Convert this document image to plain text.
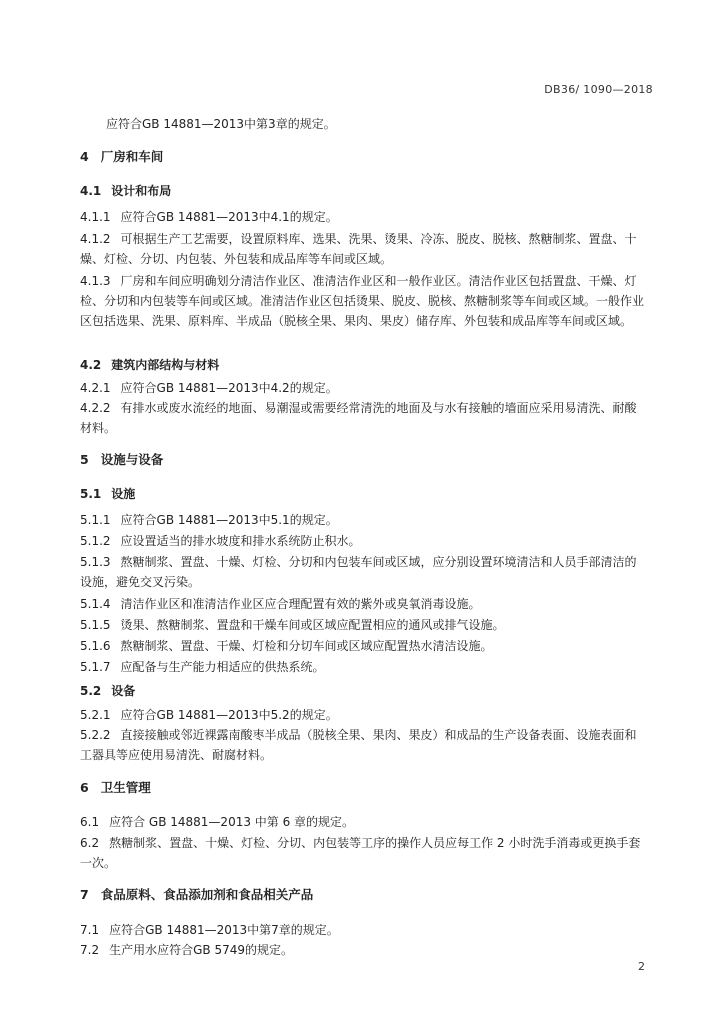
DB36/ 1090—2018
应符合GB 14881—2013中第3章的规定。
4 厂房和车间
4.1 设计和布局
4.1.1 应符合GB 14881—2013中4.1的规定。
4.1.2 可根据生产工艺需要，设置原料库、选果、洗果、烫果、冷冻、脱皮、脱核、熬糖制浆、置盘、十燥、灯检、分切、内包装、外包装和成品库等车间或区域。
4.1.3 厂房和车间应明确划分清洁作业区、准清洁作业区和一般作业区。清洁作业区包括置盘、干燥、灯检、分切和内包装等车间或区域。准清洁作业区包括烫果、脱皮、脱核、熬糖制浆等车间或区域。一般作业区包括选果、洗果、原料库、半成品（脱核全果、果肉、果皮）储存库、外包装和成品库等车间或区域。
4.2 建筑内部结构与材料
4.2.1 应符合GB 14881—2013中4.2的规定。
4.2.2 有排水或废水流经的地面、易潮湿或需要经常清洗的地面及与水有接触的墙面应采用易清洗、耐酸材料。
5 设施与设备
5.1 设施
5.1.1 应符合GB 14881—2013中5.1的规定。
5.1.2 应设置适当的排水坡度和排水系统防止积水。
5.1.3 熬糖制浆、置盘、十燥、灯检、分切和内包装车间或区域，应分别设置环境清洁和人员手部清洁的设施，避免交叉污染。
5.1.4 清洁作业区和准清洁作业区应合理配置有效的紫外或臭氧消毒设施。
5.1.5 烫果、熬糖制浆、置盘和干燥车间或区域应配置相应的通风或排气设施。
5.1.6 熬糖制浆、置盘、干燥、灯检和分切车间或区域应配置热水清洁设施。
5.1.7 应配备与生产能力相适应的供热系统。
5.2 设备
5.2.1 应符合GB 14881—2013中5.2的规定。
5.2.2 直接接触或邻近裸露南酸枣半成品（脱核全果、果肉、果皮）和成品的生产设备表面、设施表面和工器具等应使用易清洗、耐腐材料。
6 卫生管理
6.1 应符合 GB 14881—2013 中第 6 章的规定。
6.2 熬糖制浆、置盘、十燥、灯检、分切、内包装等工序的操作人员应每工作 2 小时洗手消毒或更换手套一次。
7 食品原料、食品添加剂和食品相关产品
7.1 应符合GB 14881—2013中第7章的规定。
7.2 生产用水应符合GB 5749的规定。
2
